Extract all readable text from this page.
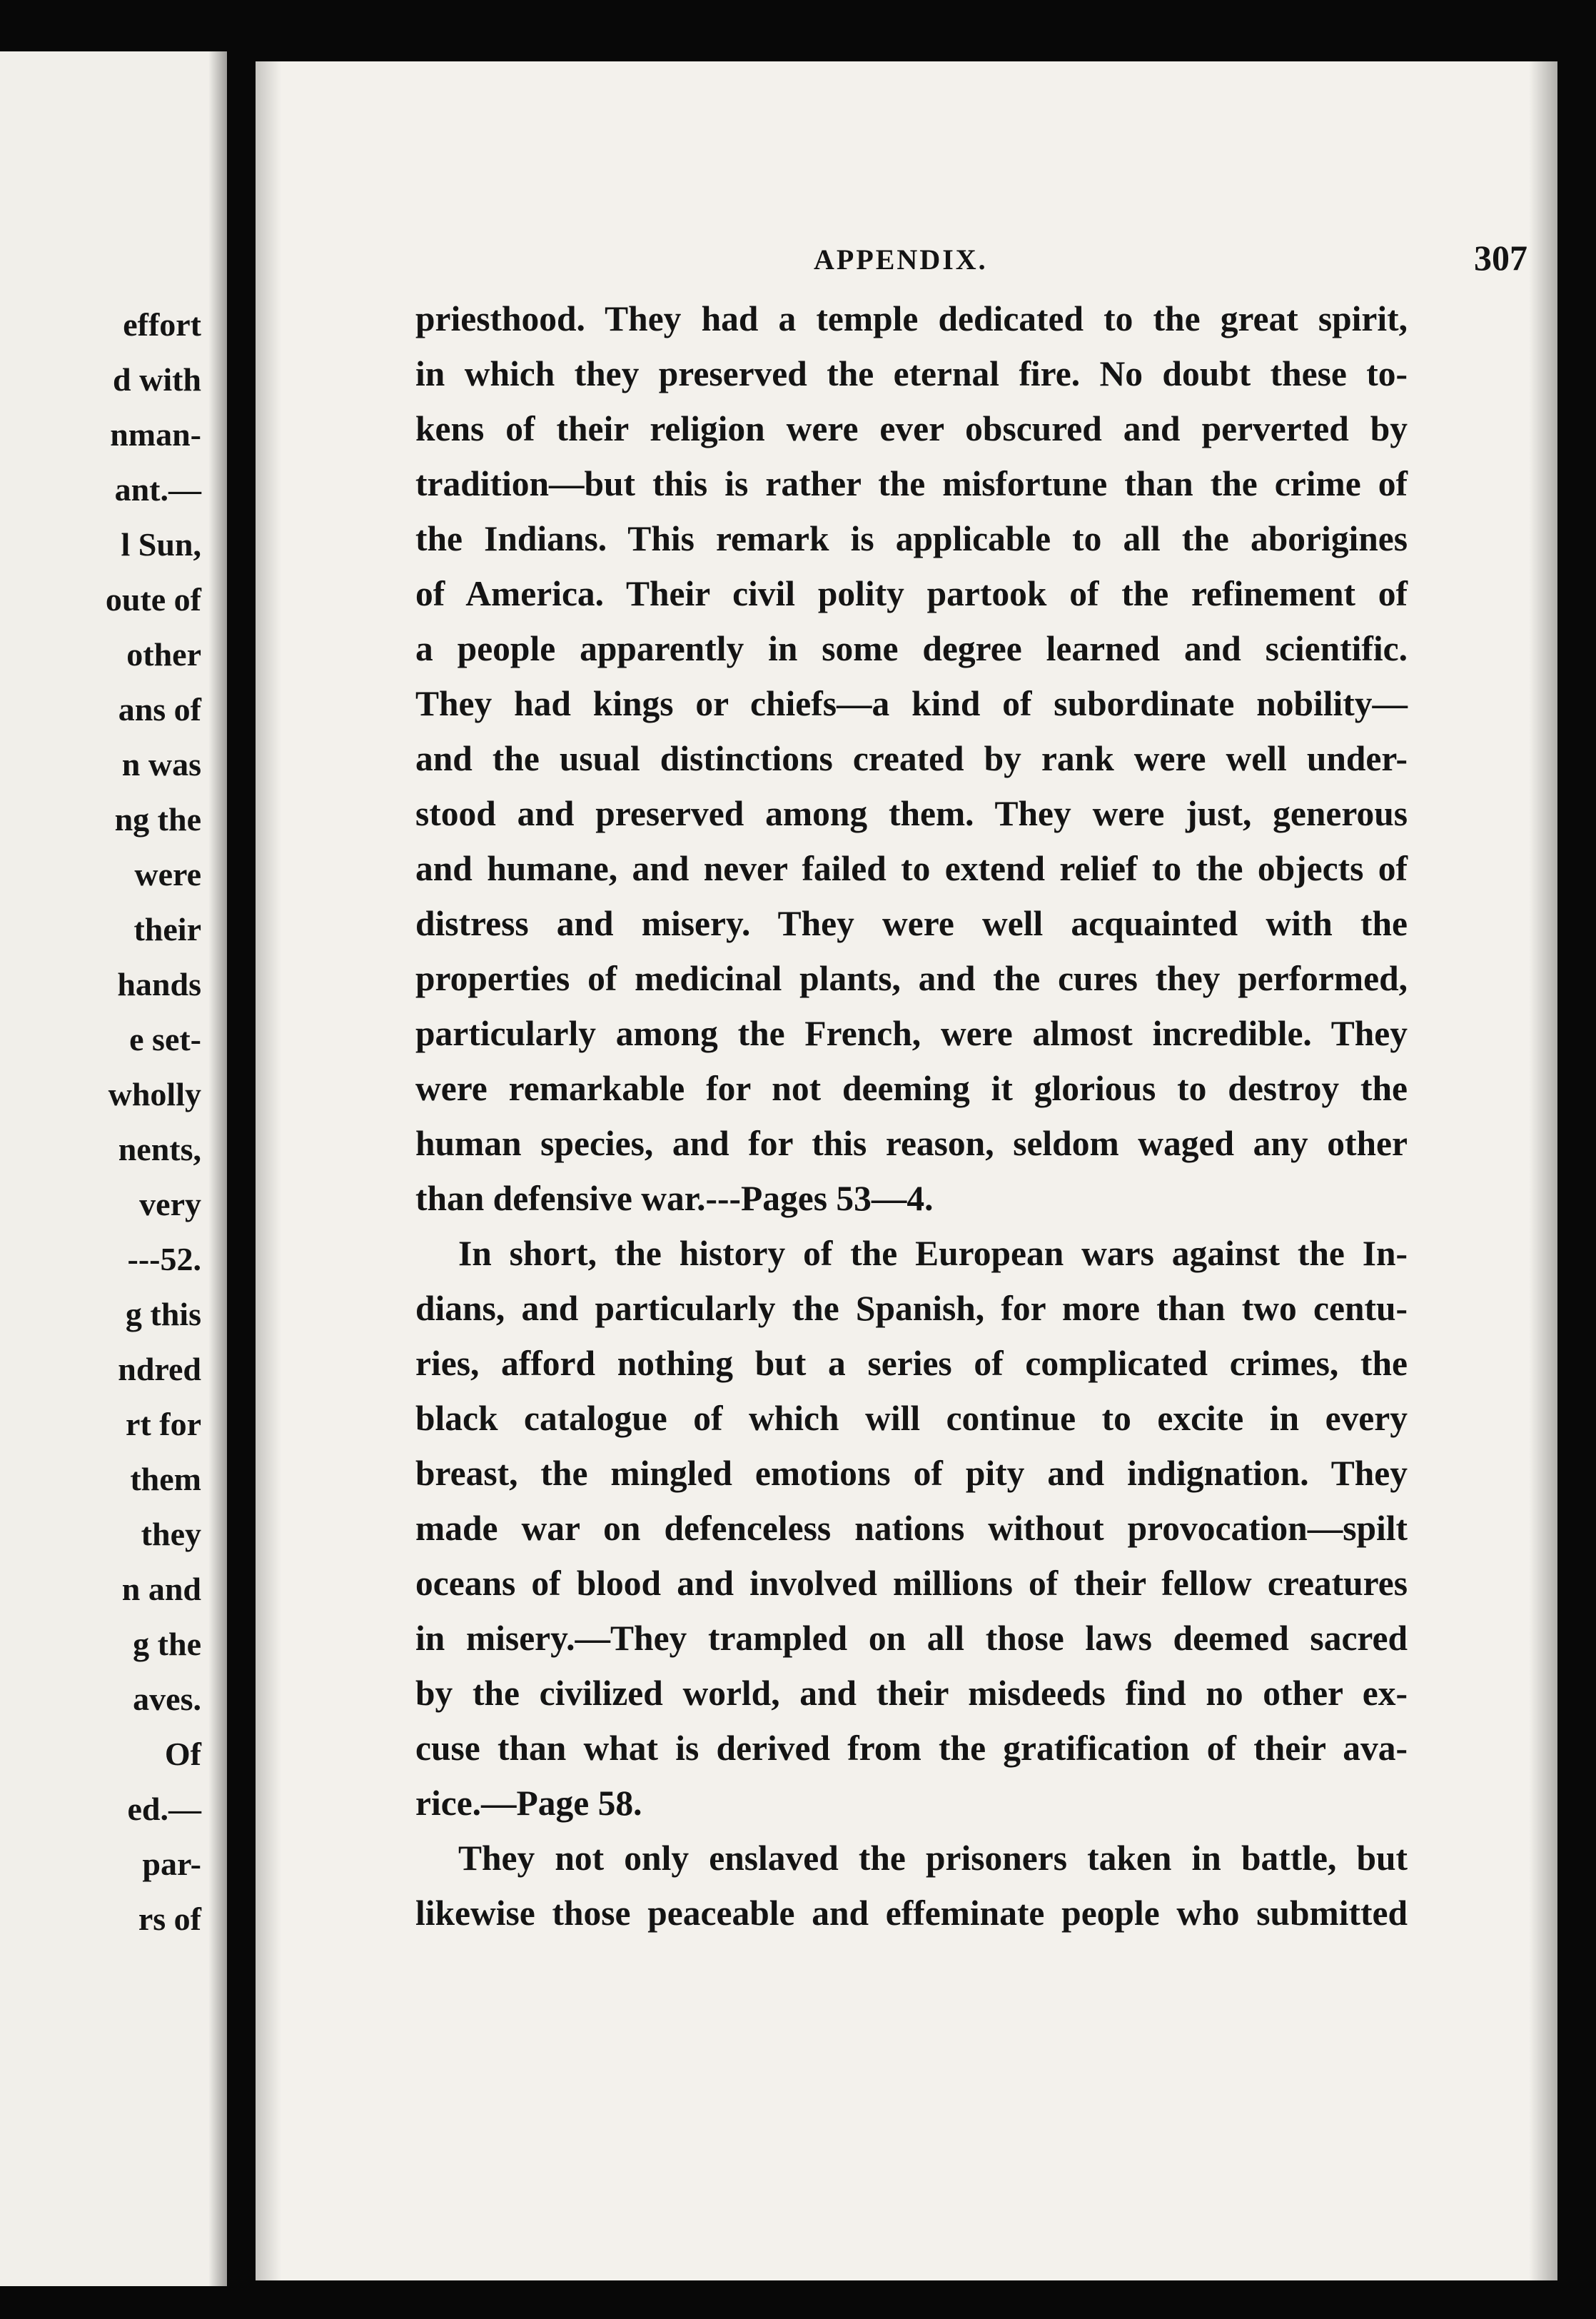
effort
d with
nman-
ant.—
l Sun,
oute of
other
ans of
n was
ng the
were
their
hands
e set-
wholly
nents,
very
---52.
g this
ndred
rt for
them
they
n and
g the
aves.
Of
ed.—
par-
rs of
APPENDIX.	307
priesthood. They had a temple dedicated to the great spirit,
in which they preserved the eternal fire. No doubt these to-
kens of their religion were ever obscured and perverted by
tradition—but this is rather the misfortune than the crime of
the Indians. This remark is applicable to all the aborigines
of America. Their civil polity partook of the refinement of
a people apparently in some degree learned and scientific.
They had kings or chiefs—a kind of subordinate nobility—
and the usual distinctions created by rank were well under-
stood and preserved among them. They were just, generous
and humane, and never failed to extend relief to the objects of
distress and misery. They were well acquainted with the
properties of medicinal plants, and the cures they performed,
particularly among the French, were almost incredible. They
were remarkable for not deeming it glorious to destroy the
human species, and for this reason, seldom waged any other
than defensive war.---Pages 53—4.
In short, the history of the European wars against the In-
dians, and particularly the Spanish, for more than two centu-
ries, afford nothing but a series of complicated crimes, the
black catalogue of which will continue to excite in every
breast, the mingled emotions of pity and indignation. They
made war on defenceless nations without provocation—spilt
oceans of blood and involved millions of their fellow creatures
in misery.—They trampled on all those laws deemed sacred
by the civilized world, and their misdeeds find no other ex-
cuse than what is derived from the gratification of their ava-
rice.—Page 58.
They not only enslaved the prisoners taken in battle, but
likewise those peaceable and effeminate people who submitted
